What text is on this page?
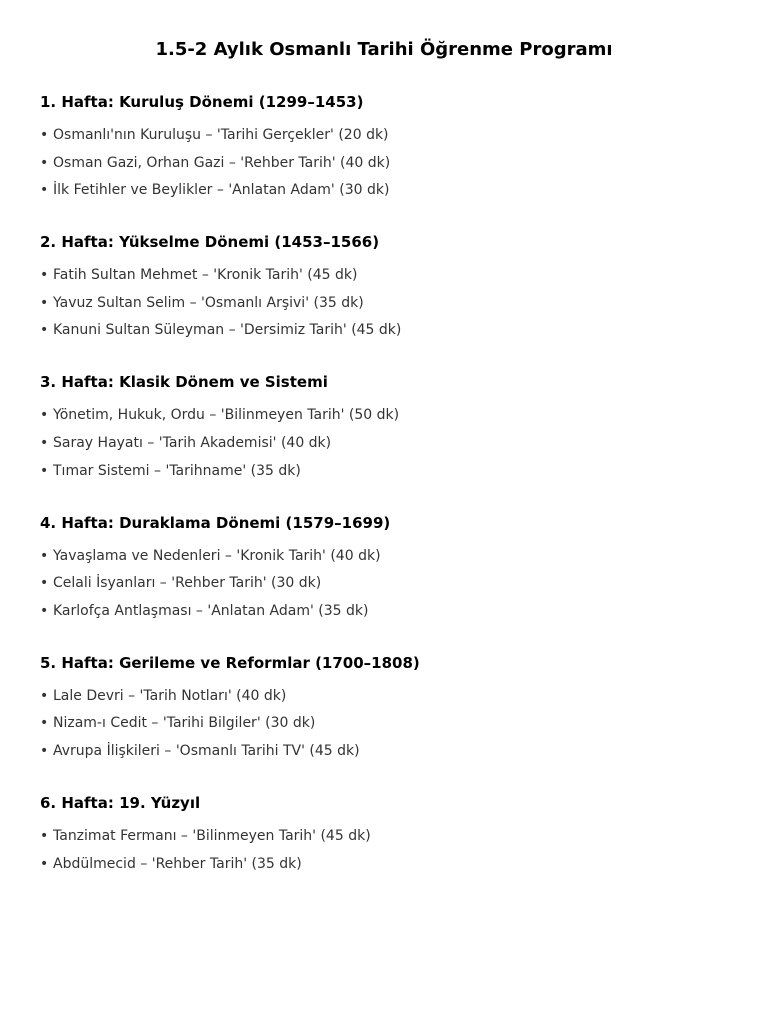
1.5-2 Aylık Osmanlı Tarihi Öğrenme Programı
1. Hafta: Kuruluş Dönemi (1299–1453)
• Osmanlı'nın Kuruluşu – 'Tarihi Gerçekler' (20 dk)
• Osman Gazi, Orhan Gazi – 'Rehber Tarih' (40 dk)
• İlk Fetihler ve Beylikler – 'Anlatan Adam' (30 dk)
2. Hafta: Yükselme Dönemi (1453–1566)
• Fatih Sultan Mehmet – 'Kronik Tarih' (45 dk)
• Yavuz Sultan Selim – 'Osmanlı Arşivi' (35 dk)
• Kanuni Sultan Süleyman – 'Dersimiz Tarih' (45 dk)
3. Hafta: Klasik Dönem ve Sistemi
• Yönetim, Hukuk, Ordu – 'Bilinmeyen Tarih' (50 dk)
• Saray Hayatı – 'Tarih Akademisi' (40 dk)
• Tımar Sistemi – 'Tarihname' (35 dk)
4. Hafta: Duraklama Dönemi (1579–1699)
• Yavaşlama ve Nedenleri – 'Kronik Tarih' (40 dk)
• Celali İsyanları – 'Rehber Tarih' (30 dk)
• Karlofça Antlaşması – 'Anlatan Adam' (35 dk)
5. Hafta: Gerileme ve Reformlar (1700–1808)
• Lale Devri – 'Tarih Notları' (40 dk)
• Nizam-ı Cedit – 'Tarihi Bilgiler' (30 dk)
• Avrupa İlişkileri – 'Osmanlı Tarihi TV' (45 dk)
6. Hafta: 19. Yüzyıl
• Tanzimat Fermanı – 'Bilinmeyen Tarih' (45 dk)
• Abdülmecid – 'Rehber Tarih' (35 dk)
